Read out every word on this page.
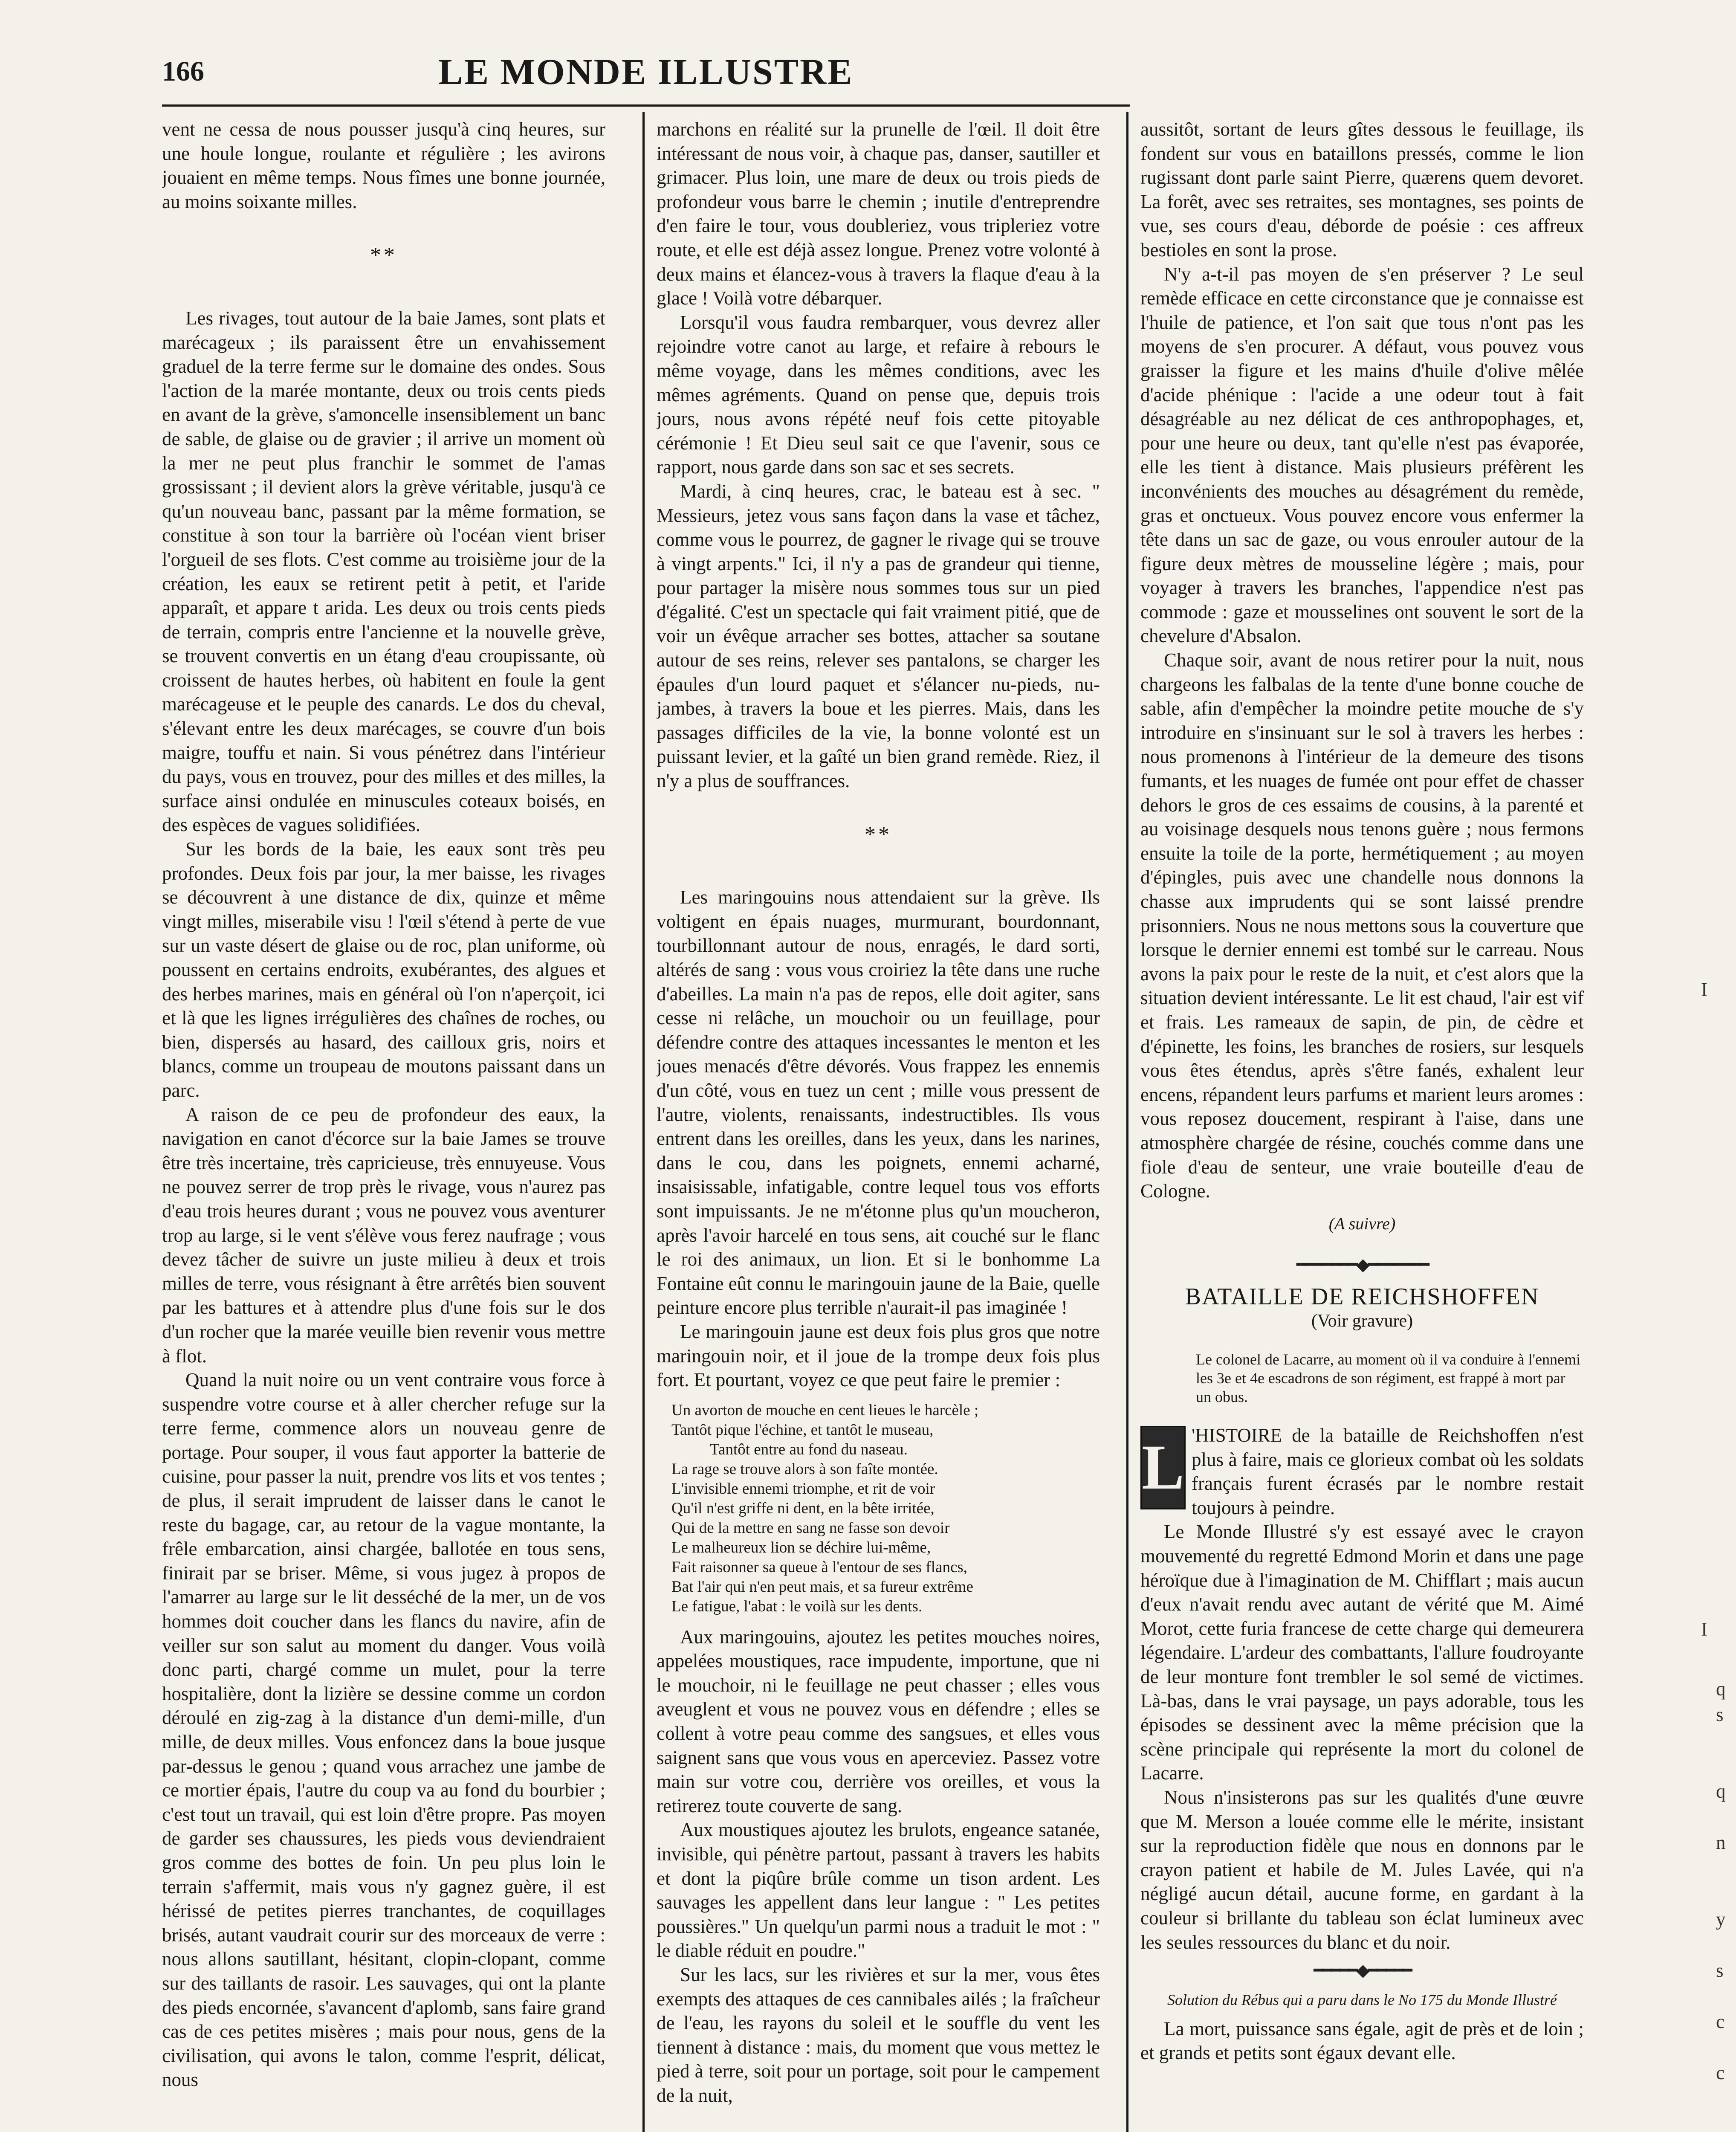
166	LE MONDE ILLUSTRE

vent ne cessa de nous pousser jusqu'à cinq heures, sur une houle longue, roulante et régulière ; les avirons jouaient en même temps. Nous fîmes une bonne journée, au moins soixante milles.

**

Les rivages, tout autour de la baie James, sont plats et marécageux ; ils paraissent être un envahissement graduel de la terre ferme sur le domaine des ondes. Sous l'action de la marée montante, deux ou trois cents pieds en avant de la grève, s'amoncelle insensiblement un banc de sable, de glaise ou de gravier ; il arrive un moment où la mer ne peut plus franchir le sommet de l'amas grossissant ; il devient alors la grève véritable, jusqu'à ce qu'un nouveau banc, passant par la même formation, se constitue à son tour la barrière où l'océan vient briser l'orgueil de ses flots. C'est comme au troisième jour de la création, les eaux se retirent petit à petit, et l'aride apparaît, et appare t arida. Les deux ou trois cents pieds de terrain, compris entre l'ancienne et la nouvelle grève, se trouvent convertis en un étang d'eau croupissante, où croissent de hautes herbes, où habitent en foule la gent marécageuse et le peuple des canards. Le dos du cheval, s'élevant entre les deux marécages, se couvre d'un bois maigre, touffu et nain. Si vous pénétrez dans l'intérieur du pays, vous en trouvez, pour des milles et des milles, la surface ainsi ondulée en minuscules coteaux boisés, en des espèces de vagues solidifiées.

Sur les bords de la baie, les eaux sont très peu profondes. Deux fois par jour, la mer baisse, les rivages se découvrent à une distance de dix, quinze et même vingt milles, miserabile visu ! l'œil s'étend à perte de vue sur un vaste désert de glaise ou de roc, plan uniforme, où poussent en certains endroits, exubérantes, des algues et des herbes marines, mais en général où l'on n'aperçoit, ici et là que les lignes irrégulières des chaînes de roches, ou bien, dispersés au hasard, des cailloux gris, noirs et blancs, comme un troupeau de moutons paissant dans un parc.

A raison de ce peu de profondeur des eaux, la navigation en canot d'écorce sur la baie James se trouve être très incertaine, très capricieuse, très ennuyeuse. Vous ne pouvez serrer de trop près le rivage, vous n'aurez pas d'eau trois heures durant ; vous ne pouvez vous aventurer trop au large, si le vent s'élève vous ferez naufrage ; vous devez tâcher de suivre un juste milieu à deux et trois milles de terre, vous résignant à être arrêtés bien souvent par les battures et à attendre plus d'une fois sur le dos d'un rocher que la marée veuille bien revenir vous mettre à flot.

Quand la nuit noire ou un vent contraire vous force à suspendre votre course et à aller chercher refuge sur la terre ferme, commence alors un nouveau genre de portage. Pour souper, il vous faut apporter la batterie de cuisine, pour passer la nuit, prendre vos lits et vos tentes ; de plus, il serait imprudent de laisser dans le canot le reste du bagage, car, au retour de la vague montante, la frêle embarcation, ainsi chargée, ballotée en tous sens, finirait par se briser. Même, si vous jugez à propos de l'amarrer au large sur le lit desséché de la mer, un de vos hommes doit coucher dans les flancs du navire, afin de veiller sur son salut au moment du danger. Vous voilà donc parti, chargé comme un mulet, pour la terre hospitalière, dont la lizière se dessine comme un cordon déroulé en zig-zag à la distance d'un demi-mille, d'un mille, de deux milles. Vous enfoncez dans la boue jusque par-dessus le genou ; quand vous arrachez une jambe de ce mortier épais, l'autre du coup va au fond du bourbier ; c'est tout un travail, qui est loin d'être propre. Pas moyen de garder ses chaussures, les pieds vous deviendraient gros comme des bottes de foin. Un peu plus loin le terrain s'affermit, mais vous n'y gagnez guère, il est hérissé de petites pierres tranchantes, de coquillages brisés, autant vaudrait courir sur des morceaux de verre : nous allons sautillant, hésitant, clopin-clopant, comme sur des taillants de rasoir. Les sauvages, qui ont la plante des pieds encornée, s'avancent d'aplomb, sans faire grand cas de ces petites misères ; mais pour nous, gens de la civilisation, qui avons le talon, comme l'esprit, délicat, nous

marchons en réalité sur la prunelle de l'œil. Il doit être intéressant de nous voir, à chaque pas, danser, sautiller et grimacer. Plus loin, une mare de deux ou trois pieds de profondeur vous barre le chemin ; inutile d'entreprendre d'en faire le tour, vous doubleriez, vous tripleriez votre route, et elle est déjà assez longue. Prenez votre volonté à deux mains et élancez-vous à travers la flaque d'eau à la glace ! Voilà votre débarquer.

Lorsqu'il vous faudra rembarquer, vous devrez aller rejoindre votre canot au large, et refaire à rebours le même voyage, dans les mêmes conditions, avec les mêmes agréments. Quand on pense que, depuis trois jours, nous avons répété neuf fois cette pitoyable cérémonie ! Et Dieu seul sait ce que l'avenir, sous ce rapport, nous garde dans son sac et ses secrets.

Mardi, à cinq heures, crac, le bateau est à sec. " Messieurs, jetez vous sans façon dans la vase et tâchez, comme vous le pourrez, de gagner le rivage qui se trouve à vingt arpents." Ici, il n'y a pas de grandeur qui tienne, pour partager la misère nous sommes tous sur un pied d'égalité. C'est un spectacle qui fait vraiment pitié, que de voir un évêque arracher ses bottes, attacher sa soutane autour de ses reins, relever ses pantalons, se charger les épaules d'un lourd paquet et s'élancer nu-pieds, nu-jambes, à travers la boue et les pierres. Mais, dans les passages difficiles de la vie, la bonne volonté est un puissant levier, et la gaîté un bien grand remède. Riez, il n'y a plus de souffrances.

**

Les maringouins nous attendaient sur la grève. Ils voltigent en épais nuages, murmurant, bourdonnant, tourbillonnant autour de nous, enragés, le dard sorti, altérés de sang : vous vous croiriez la tête dans une ruche d'abeilles. La main n'a pas de repos, elle doit agiter, sans cesse ni relâche, un mouchoir ou un feuillage, pour défendre contre des attaques incessantes le menton et les joues menacés d'être dévorés. Vous frappez les ennemis d'un côté, vous en tuez un cent ; mille vous pressent de l'autre, violents, renaissants, indestructibles. Ils vous entrent dans les oreilles, dans les yeux, dans les narines, dans le cou, dans les poignets, ennemi acharné, insaisissable, infatigable, contre lequel tous vos efforts sont impuissants. Je ne m'étonne plus qu'un moucheron, après l'avoir harcelé en tous sens, ait couché sur le flanc le roi des animaux, un lion. Et si le bonhomme La Fontaine eût connu le maringouin jaune de la Baie, quelle peinture encore plus terrible n'aurait-il pas imaginée !

Le maringouin jaune est deux fois plus gros que notre maringouin noir, et il joue de la trompe deux fois plus fort. Et pourtant, voyez ce que peut faire le premier :

Un avorton de mouche en cent lieues le harcèle ;
Tantôt pique l'échine, et tantôt le museau,
Tantôt entre au fond du naseau.
La rage se trouve alors à son faîte montée.
L'invisible ennemi triomphe, et rit de voir
Qu'il n'est griffe ni dent, en la bête irritée,
Qui de la mettre en sang ne fasse son devoir
Le malheureux lion se déchire lui-même,
Fait raisonner sa queue à l'entour de ses flancs,
Bat l'air qui n'en peut mais, et sa fureur extrême
Le fatigue, l'abat : le voilà sur les dents.

Aux maringouins, ajoutez les petites mouches noires, appelées moustiques, race impudente, importune, que ni le mouchoir, ni le feuillage ne peut chasser ; elles vous aveuglent et vous ne pouvez vous en défendre ; elles se collent à votre peau comme des sangsues, et elles vous saignent sans que vous vous en aperceviez. Passez votre main sur votre cou, derrière vos oreilles, et vous la retirerez toute couverte de sang.

Aux moustiques ajoutez les brulots, engeance satanée, invisible, qui pénètre partout, passant à travers les habits et dont la piqûre brûle comme un tison ardent. Les sauvages les appellent dans leur langue : " Les petites poussières." Un quelqu'un parmi nous a traduit le mot : " le diable réduit en poudre."

Sur les lacs, sur les rivières et sur la mer, vous êtes exempts des attaques de ces cannibales ailés ; la fraîcheur de l'eau, les rayons du soleil et le souffle du vent les tiennent à distance : mais, du moment que vous mettez le pied à terre, soit pour un portage, soit pour le campement de la nuit,

aussitôt, sortant de leurs gîtes dessous le feuillage, ils fondent sur vous en bataillons pressés, comme le lion rugissant dont parle saint Pierre, quærens quem devoret. La forêt, avec ses retraites, ses montagnes, ses points de vue, ses cours d'eau, déborde de poésie : ces affreux bestioles en sont la prose.

N'y a-t-il pas moyen de s'en préserver ? Le seul remède efficace en cette circonstance que je connaisse est l'huile de patience, et l'on sait que tous n'ont pas les moyens de s'en procurer. A défaut, vous pouvez vous graisser la figure et les mains d'huile d'olive mêlée d'acide phénique : l'acide a une odeur tout à fait désagréable au nez délicat de ces anthropophages, et, pour une heure ou deux, tant qu'elle n'est pas évaporée, elle les tient à distance. Mais plusieurs préfèrent les inconvénients des mouches au désagrément du remède, gras et onctueux. Vous pouvez encore vous enfermer la tête dans un sac de gaze, ou vous enrouler autour de la figure deux mètres de mousseline légère ; mais, pour voyager à travers les branches, l'appendice n'est pas commode : gaze et mousselines ont souvent le sort de la chevelure d'Absalon.

Chaque soir, avant de nous retirer pour la nuit, nous chargeons les falbalas de la tente d'une bonne couche de sable, afin d'empêcher la moindre petite mouche de s'y introduire en s'insinuant sur le sol à travers les herbes : nous promenons à l'intérieur de la demeure des tisons fumants, et les nuages de fumée ont pour effet de chasser dehors le gros de ces essaims de cousins, à la parenté et au voisinage desquels nous tenons guère ; nous fermons ensuite la toile de la porte, hermétiquement ; au moyen d'épingles, puis avec une chandelle nous donnons la chasse aux imprudents qui se sont laissé prendre prisonniers. Nous ne nous mettons sous la couverture que lorsque le dernier ennemi est tombé sur le carreau. Nous avons la paix pour le reste de la nuit, et c'est alors que la situation devient intéressante. Le lit est chaud, l'air est vif et frais. Les rameaux de sapin, de pin, de cèdre et d'épinette, les foins, les branches de rosiers, sur lesquels vous êtes étendus, après s'être fanés, exhalent leur encens, répandent leurs parfums et marient leurs aromes : vous reposez doucement, respirant à l'aise, dans une atmosphère chargée de résine, couchés comme dans une fiole d'eau de senteur, une vraie bouteille d'eau de Cologne.

(A suivre)
━━━━━━━◆━━━━━━━
BATAILLE DE REICHSHOFFEN
(Voir gravure)
Le colonel de Lacarre, au moment où il va conduire à l'ennemi les 3e et 4e escadrons de son régiment, est frappé à mort par un obus.

L 'HISTOIRE de la bataille de Reichshoffen n'est plus à faire, mais ce glorieux combat où les soldats français furent écrasés par le nombre restait toujours à peindre.

Le Monde Illustré s'y est essayé avec le crayon mouvementé du regretté Edmond Morin et dans une page héroïque due à l'imagination de M. Chifflart ; mais aucun d'eux n'avait rendu avec autant de vérité que M. Aimé Morot, cette furia francese de cette charge qui demeurera légendaire. L'ardeur des combattants, l'allure foudroyante de leur monture font trembler le sol semé de victimes. Là-bas, dans le vrai paysage, un pays adorable, tous les épisodes se dessinent avec la même précision que la scène principale qui représente la mort du colonel de Lacarre.

Nous n'insisterons pas sur les qualités d'une œuvre que M. Merson a louée comme elle le mérite, insistant sur la reproduction fidèle que nous en donnons par le crayon patient et habile de M. Jules Lavée, qui n'a négligé aucun détail, aucune forme, en gardant à la couleur si brillante du tableau son éclat lumineux avec les seules ressources du blanc et du noir.

━━━━━◆━━━━━
Solution du Rébus qui a paru dans le No 175 du Monde Illustré

La mort, puissance sans égale, agit de près et de loin ; et grands et petits sont égaux devant elle.

I
I
q
s
q
n
y
s
c
c
